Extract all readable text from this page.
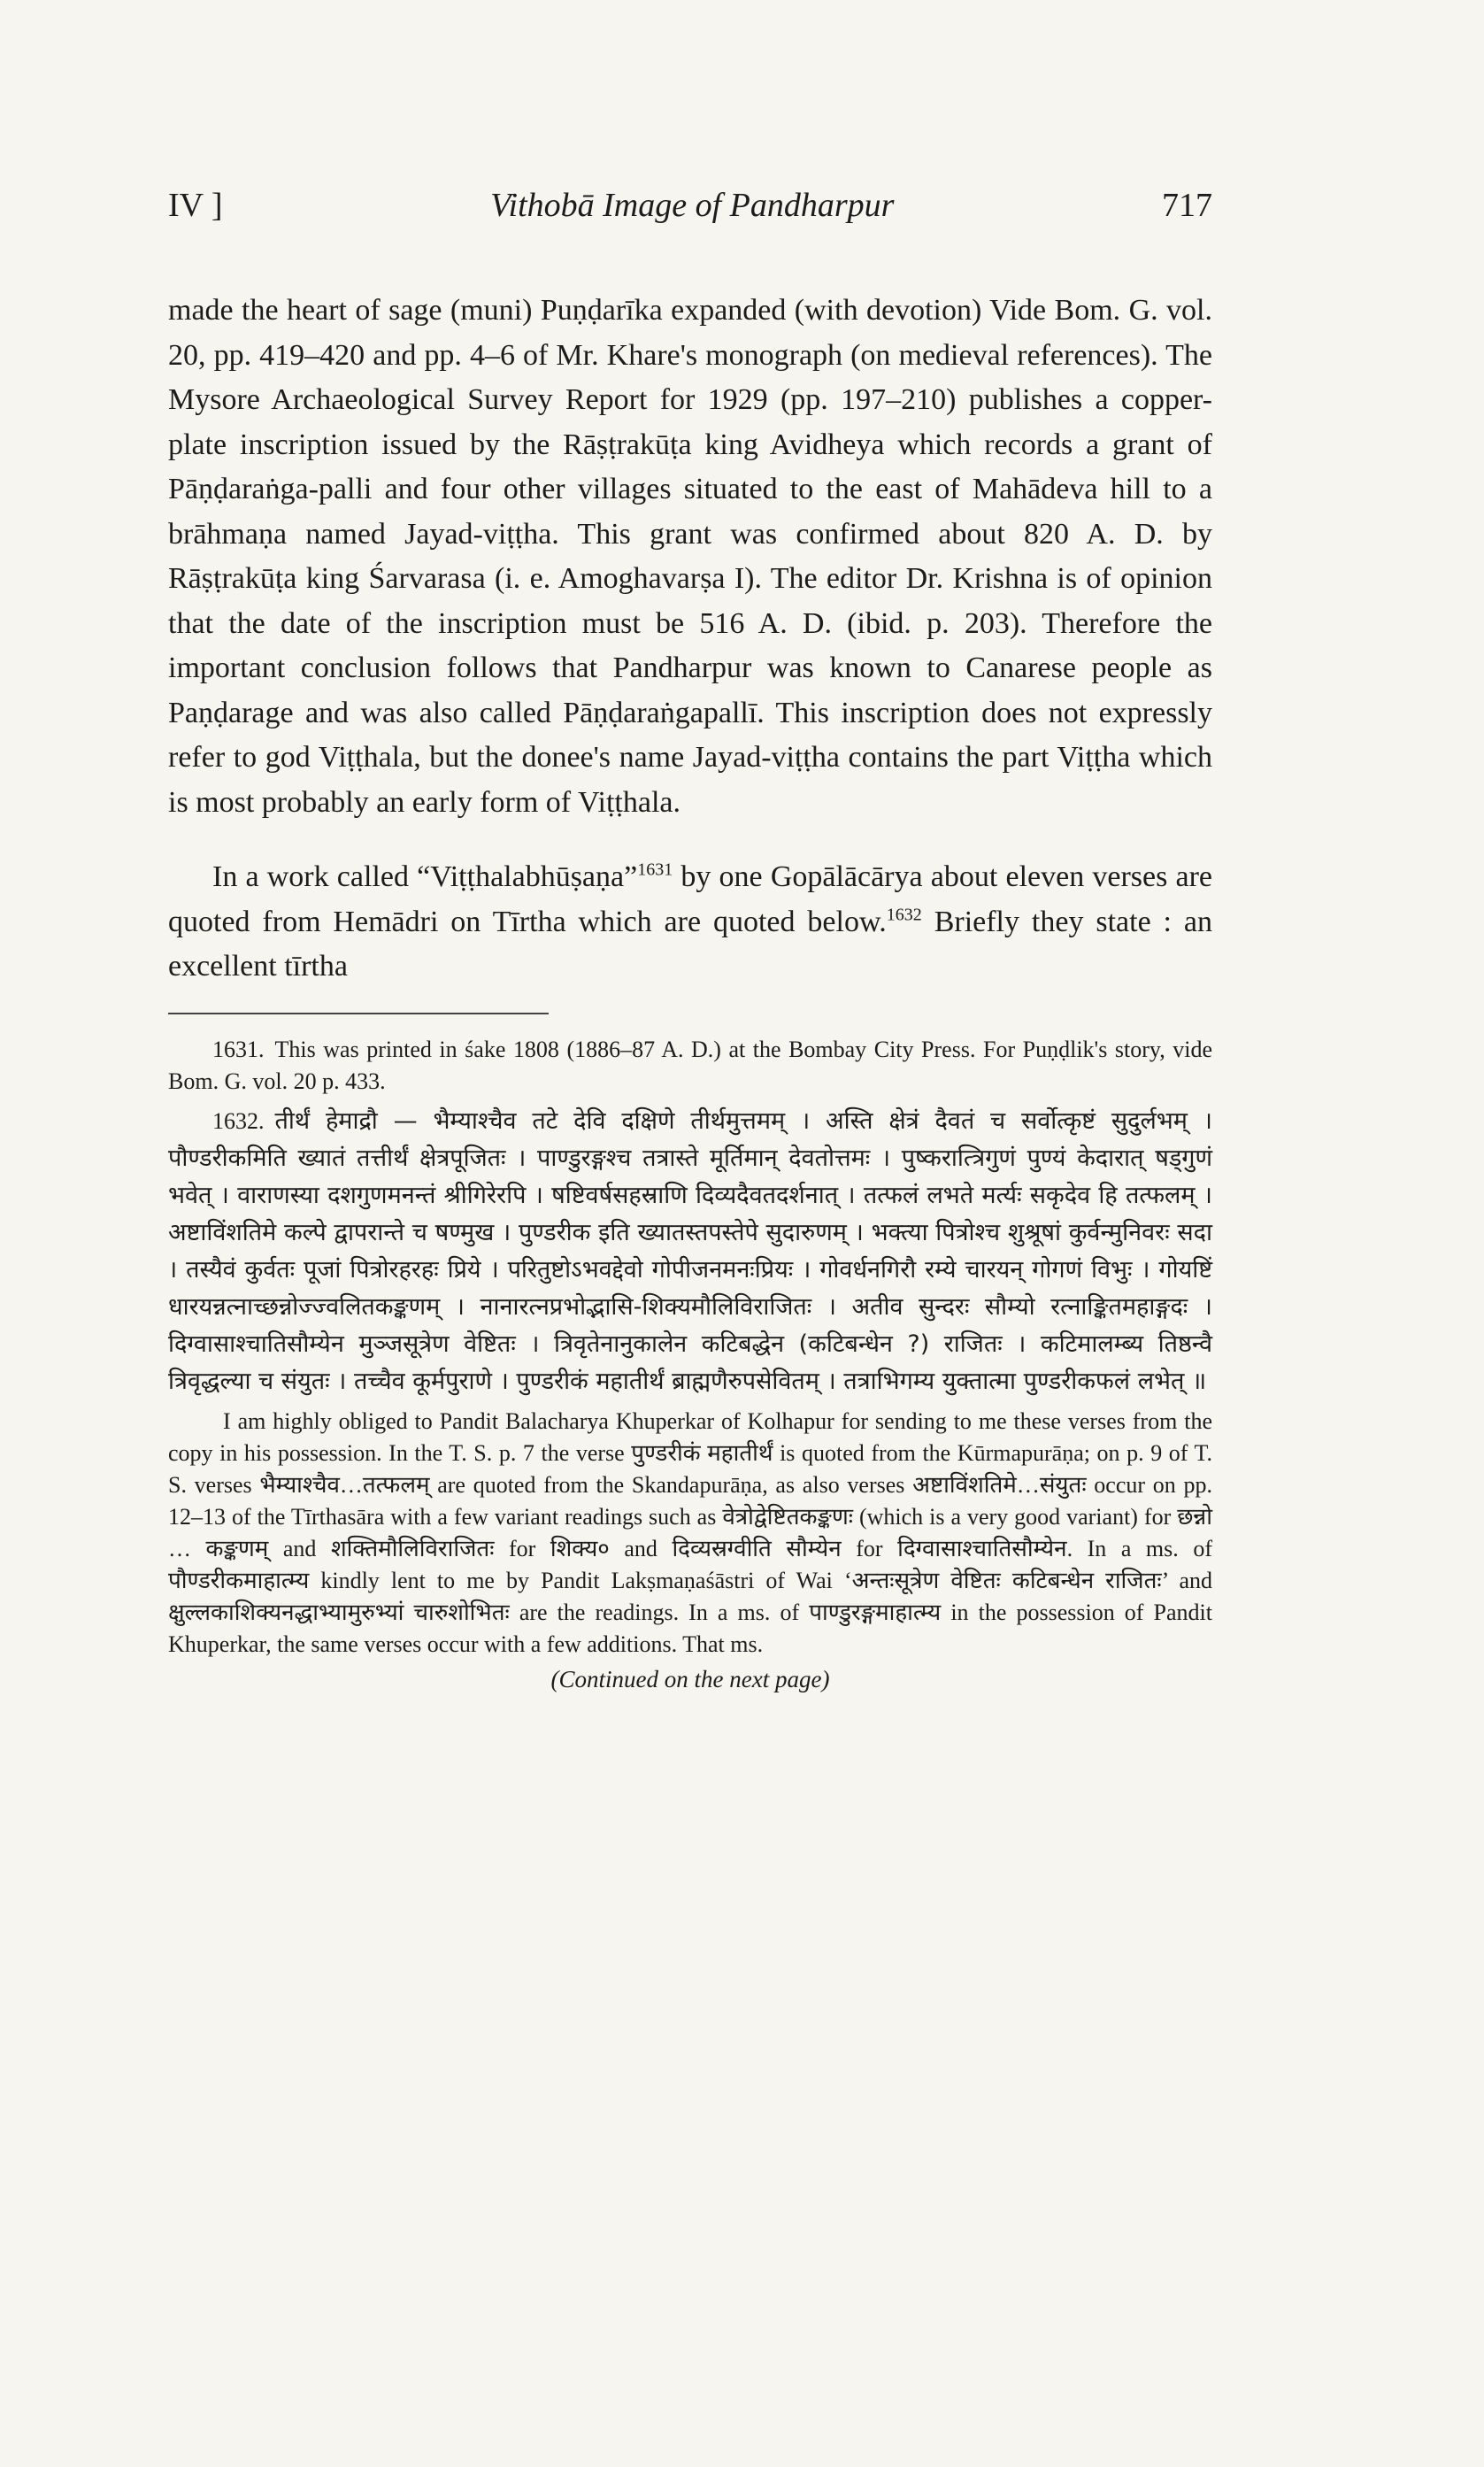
IV ]	Vithobā Image of Pandharpur	717

made the heart of sage (muni) Puṇḍarīka expanded (with devotion) Vide Bom. G. vol. 20, pp. 419–420 and pp. 4–6 of Mr. Khare's monograph (on medieval references). The Mysore Archaeological Survey Report for 1929 (pp. 197–210) publishes a copper-plate inscription issued by the Rāṣṭrakūṭa king Avidheya which records a grant of Pāṇḍaraṅga-palli and four other villages situated to the east of Mahādeva hill to a brāhmaṇa named Jayad-viṭṭha. This grant was confirmed about 820 A. D. by Rāṣṭrakūṭa king Śarvarasa (i. e. Amoghavarṣa I). The editor Dr. Krishna is of opinion that the date of the inscription must be 516 A. D. (ibid. p. 203). Therefore the important conclusion follows that Pandharpur was known to Canarese people as Paṇḍarage and was also called Pāṇḍaraṅgapallī. This inscription does not expressly refer to god Viṭṭhala, but the donee's name Jayad-viṭṭha contains the part Viṭṭha which is most probably an early form of Viṭṭhala.

In a work called “Viṭṭhalabhūṣaṇa”$^{1631}$ by one Gopālācārya about eleven verses are quoted from Hemādri on Tīrtha which are quoted below.$^{1632}$ Briefly they state : an excellent tīrtha

1631. This was printed in śake 1808 (1886–87 A. D.) at the Bombay City Press. For Puṇḍlik's story, vide Bom. G. vol. 20 p. 433.

1632. तीर्थं हेमाद्रौ — भैम्याश्चैव तटे देवि दक्षिणे तीर्थमुत्तमम् । अस्ति क्षेत्रं दैवतं च सर्वोत्कृष्टं सुदुर्लभम् । पौण्डरीकमिति ख्यातं तत्तीर्थं क्षेत्रपूजितः । पाण्डुरङ्गश्च तत्रास्ते मूर्तिमान् देवतोत्तमः । पुष्करात्त्रिगुणं पुण्यं केदारात् षड्गुणं भवेत् । वाराणस्या दशगुणमनन्तं श्रीगिरेरपि । षष्टिवर्षसहस्राणि दिव्यदैवतदर्शनात् । तत्फलं लभते मर्त्यः सकृदेव हि तत्फलम् । अष्टाविंशतिमे कल्पे द्वापरान्ते च षण्मुख । पुण्डरीक इति ख्यातस्तपस्तेपे सुदारुणम् । भक्त्या पित्रोश्च शुश्रूषां कुर्वन्मुनिवरः सदा । तस्यैवं कुर्वतः पूजां पित्रोरहरहः प्रिये । परितुष्टोऽभवद्देवो गोपीजनमनःप्रियः । गोवर्धनगिरौ रम्ये चारयन् गोगणं विभुः । गोयष्टिं धारयन्नत्नाच्छन्नोज्ज्वलितकङ्कणम् । नानारत्नप्रभोद्भासि-शिक्यमौलिविराजितः । अतीव सुन्दरः सौम्यो रत्नाङ्कितमहाङ्गदः । दिग्वासाश्चातिसौम्येन मुञ्जसूत्रेण वेष्टितः । त्रिवृतेनानुकालेन कटिबद्धेन (कटिबन्धेन ?) राजितः । कटिमालम्ब्य तिष्ठन्वै त्रिवृद्धल्या च संयुतः । तच्चैव कूर्मपुराणे । पुण्डरीकं महातीर्थं ब्राह्मणैरुपसेवितम् । तत्राभिगम्य युक्तात्मा पुण्डरीकफलं लभेत् ॥

I am highly obliged to Pandit Balacharya Khuperkar of Kolhapur for sending to me these verses from the copy in his possession. In the T. S. p. 7 the verse पुण्डरीकं महातीर्थं is quoted from the Kūrmapurāṇa; on p. 9 of T. S. verses भैम्याश्चैव…तत्फलम् are quoted from the Skandapurāṇa, as also verses अष्टाविंशतिमे…संयुतः occur on pp. 12–13 of the Tīrthasāra with a few variant readings such as वेत्रोद्वेष्टितकङ्कणः (which is a very good variant) for छन्नो … कङ्कणम् and शक्तिमौलिविराजितः for शिक्य० and दिव्यस्रग्वीति सौम्येन for दिग्वासाश्चातिसौम्येन. In a ms. of पौण्डरीकमाहात्म्य kindly lent to me by Pandit Lakṣmaṇaśāstri of Wai ‘अन्तःसूत्रेण वेष्टितः कटिबन्धेन राजितः’ and क्षुल्लकाशिक्यनद्धाभ्यामुरुभ्यां चारुशोभितः are the readings. In a ms. of पाण्डुरङ्गमाहात्म्य in the possession of Pandit Khuperkar, the same verses occur with a few additions. That ms.

(Continued on the next page)
